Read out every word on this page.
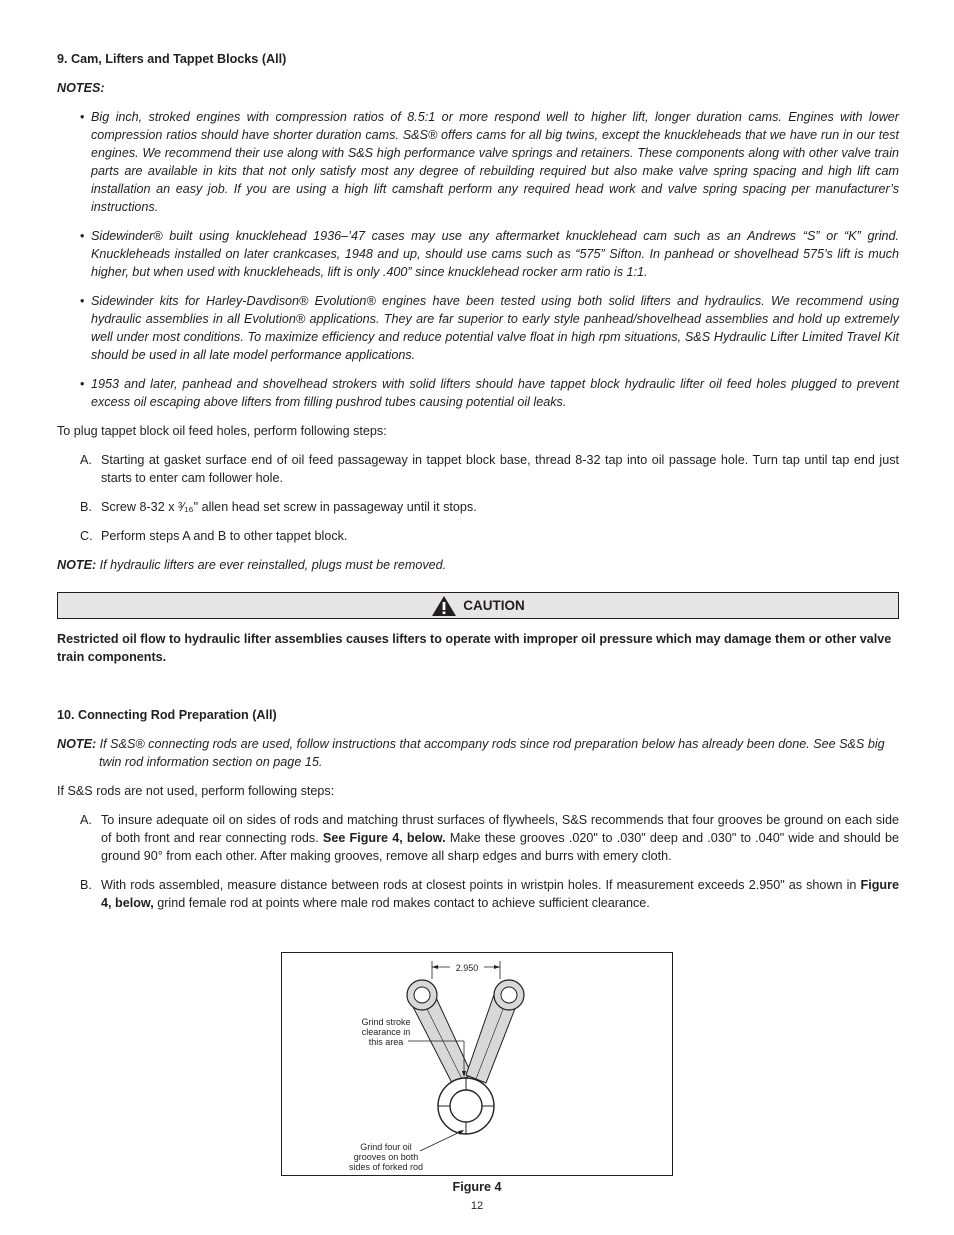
9. Cam, Lifters and Tappet Blocks (All)

NOTES:

• Big inch, stroked engines with compression ratios of 8.5:1 or more respond well to higher lift, longer duration cams. Engines with lower compression ratios should have shorter duration cams. S&S® offers cams for all big twins, except the knuckleheads that we have run in our test engines. We recommend their use along with S&S high performance valve springs and retainers. These components along with other valve train parts are available in kits that not only satisfy most any degree of rebuilding required but also make valve spring spacing and high lift cam installation an easy job. If you are using a high lift camshaft perform any required head work and valve spring spacing per manufacturer’s instructions.
• Sidewinder® built using knucklehead 1936–’47 cases may use any aftermarket knucklehead cam such as an Andrews “S” or “K” grind. Knuckleheads installed on later crankcases, 1948 and up, should use cams such as “575” Sifton. In panhead or shovelhead 575’s lift is much higher, but when used with knuckleheads, lift is only .400” since knucklehead rocker arm ratio is 1:1.
• Sidewinder kits for Harley-Davdison® Evolution® engines have been tested using both solid lifters and hydraulics. We recommend using hydraulic assemblies in all Evolution® applications. They are far superior to early style panhead/shovelhead assemblies and hold up extremely well under most conditions. To maximize efficiency and reduce potential valve float in high rpm situations, S&S Hydraulic Lifter Limited Travel Kit should be used in all late model performance applications.
• 1953 and later, panhead and shovelhead strokers with solid lifters should have tappet block hydraulic lifter oil feed holes plugged to prevent excess oil escaping above lifters from filling pushrod tubes causing potential oil leaks.

To plug tappet block oil feed holes, perform following steps:

A. Starting at gasket surface end of oil feed passageway in tappet block base, thread 8-32 tap into oil passage hole. Turn tap until tap end just starts to enter cam follower hole.
B. Screw 8-32 x ³⁄₁₆" allen head set screw in passageway until it stops.
C. Perform steps A and B to other tappet block.

NOTE: If hydraulic lifters are ever reinstalled, plugs must be removed.

CAUTION

Restricted oil flow to hydraulic lifter assemblies causes lifters to operate with improper oil pressure which may damage them or other valve train components.

10. Connecting Rod Preparation (All)

NOTE: If S&S® connecting rods are used, follow instructions that accompany rods since rod preparation below has already been done. See S&S big twin rod information section on page 15.

If S&S rods are not used, perform following steps:

A. To insure adequate oil on sides of rods and matching thrust surfaces of flywheels, S&S recommends that four grooves be ground on each side of both front and rear connecting rods. See Figure 4, below. Make these grooves .020" to .030" deep and .030" to .040" wide and should be ground 90° from each other. After making grooves, remove all sharp edges and burrs with emery cloth.
B. With rods assembled, measure distance between rods at closest points in wristpin holes. If measurement exceeds 2.950" as shown in Figure 4, below, grind female rod at points where male rod makes contact to achieve sufficient clearance.
2.950
Grind stroke
clearance in
this area
Grind four oil
grooves on both
sides of forked rod
Figure 4
12
